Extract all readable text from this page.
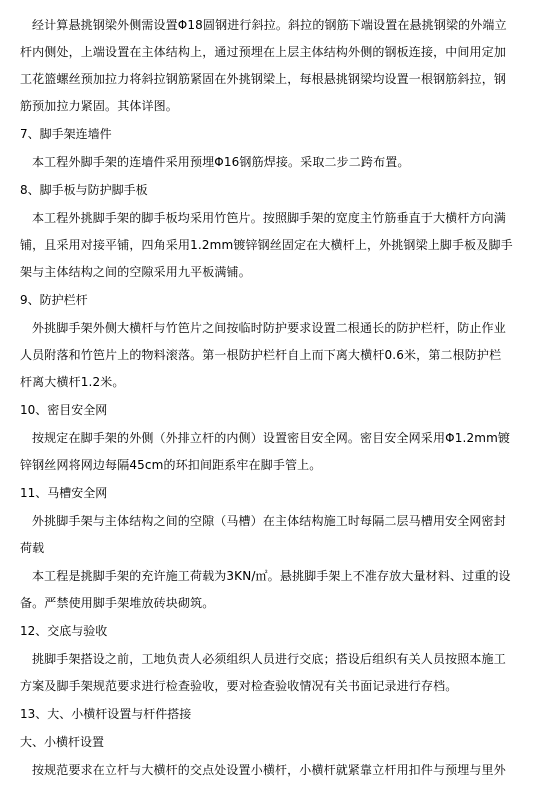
经计算悬挑钢梁外侧需设置Φ18圆钢进行斜拉。斜拉的钢筋下端设置在悬挑钢梁的外端立
杆内侧处，上端设置在主体结构上，通过预埋在上层主体结构外侧的钢板连接，中间用定加
工花篮螺丝预加拉力将斜拉钢筋紧固在外挑钢梁上，每根悬挑钢梁均设置一根钢筋斜拉，钢
筋预加拉力紧固。其体详图。
7、脚手架连墙件
本工程外脚手架的连墙件采用预埋Φ16钢筋焊接。采取二步二跨布置。
8、脚手板与防护脚手板
本工程外挑脚手架的脚手板均采用竹笆片。按照脚手架的宽度主竹筋垂直于大横杆方向满
铺，且采用对接平铺，四角采用1.2mm镀锌钢丝固定在大横杆上，外挑钢梁上脚手板及脚手
架与主体结构之间的空隙采用九平板满铺。
9、防护栏杆
外挑脚手架外侧大横杆与竹笆片之间按临时防护要求设置二根通长的防护栏杆，防止作业
人员附落和竹笆片上的物料滚落。第一根防护栏杆自上而下离大横杆0.6米，第二根防护栏
杆离大横杆1.2米。
10、密目安全网
按规定在脚手架的外侧（外排立杆的内侧）设置密目安全网。密目安全网采用Φ1.2mm镀
锌钢丝网将网边每隔45cm的环扣间距系牢在脚手管上。
11、马槽安全网
外挑脚手架与主体结构之间的空隙（马槽）在主体结构施工时每隔二层马槽用安全网密封
荷载
本工程是挑脚手架的充许施工荷载为3KN/㎡。悬挑脚手架上不准存放大量材料、过重的设
备。严禁使用脚手架堆放砖块砌筑。
12、交底与验收
挑脚手架搭设之前，工地负责人必须组织人员进行交底；搭设后组织有关人员按照本施工
方案及脚手架规范要求进行检查验收，要对检查验收情况有关书面记录进行存档。
13、大、小横杆设置与杆件搭接
大、小横杆设置
按规范要求在立杆与大横杆的交点处设置小横杆，小横杆就紧靠立杆用扣件与预埋与里外
